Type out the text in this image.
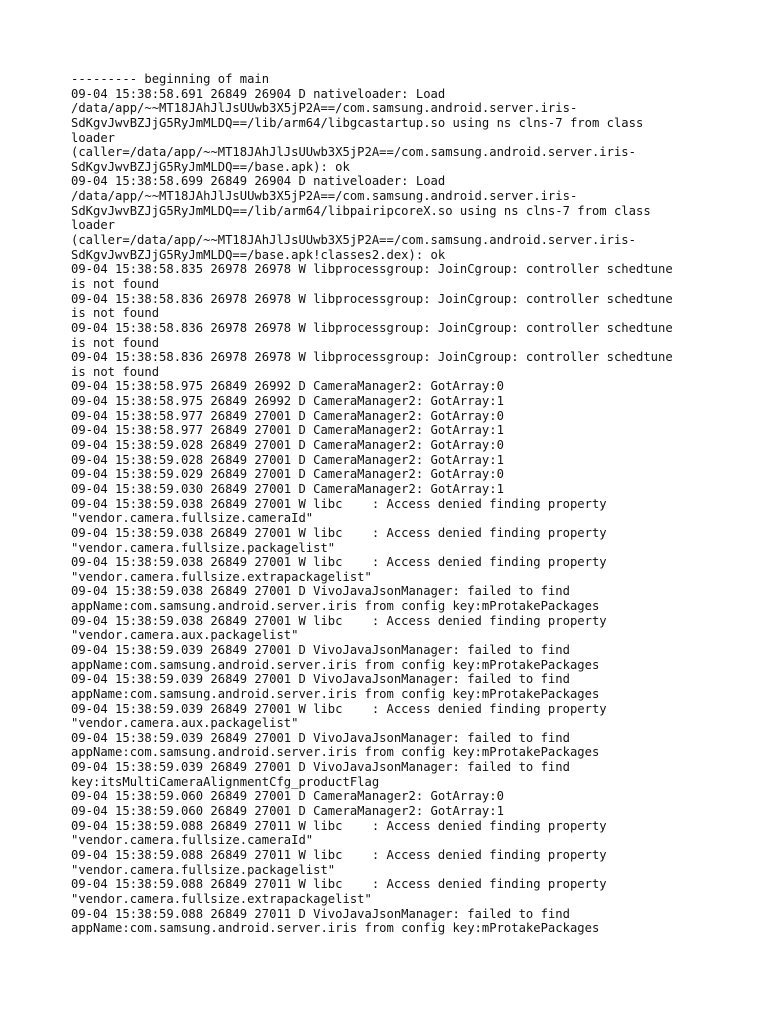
--------- beginning of main
09-04 15:38:58.691 26849 26904 D nativeloader: Load
/data/app/~~MT18JAhJlJsUUwb3X5jP2A==/com.samsung.android.server.iris-
SdKgvJwvBZJjG5RyJmMLDQ==/lib/arm64/libgcastartup.so using ns clns-7 from class
loader
(caller=/data/app/~~MT18JAhJlJsUUwb3X5jP2A==/com.samsung.android.server.iris-
SdKgvJwvBZJjG5RyJmMLDQ==/base.apk): ok
09-04 15:38:58.699 26849 26904 D nativeloader: Load
/data/app/~~MT18JAhJlJsUUwb3X5jP2A==/com.samsung.android.server.iris-
SdKgvJwvBZJjG5RyJmMLDQ==/lib/arm64/libpairipcoreX.so using ns clns-7 from class
loader
(caller=/data/app/~~MT18JAhJlJsUUwb3X5jP2A==/com.samsung.android.server.iris-
SdKgvJwvBZJjG5RyJmMLDQ==/base.apk!classes2.dex): ok
09-04 15:38:58.835 26978 26978 W libprocessgroup: JoinCgroup: controller schedtune
is not found
09-04 15:38:58.836 26978 26978 W libprocessgroup: JoinCgroup: controller schedtune
is not found
09-04 15:38:58.836 26978 26978 W libprocessgroup: JoinCgroup: controller schedtune
is not found
09-04 15:38:58.836 26978 26978 W libprocessgroup: JoinCgroup: controller schedtune
is not found
09-04 15:38:58.975 26849 26992 D CameraManager2: GotArray:0
09-04 15:38:58.975 26849 26992 D CameraManager2: GotArray:1
09-04 15:38:58.977 26849 27001 D CameraManager2: GotArray:0
09-04 15:38:58.977 26849 27001 D CameraManager2: GotArray:1
09-04 15:38:59.028 26849 27001 D CameraManager2: GotArray:0
09-04 15:38:59.028 26849 27001 D CameraManager2: GotArray:1
09-04 15:38:59.029 26849 27001 D CameraManager2: GotArray:0
09-04 15:38:59.030 26849 27001 D CameraManager2: GotArray:1
09-04 15:38:59.038 26849 27001 W libc    : Access denied finding property
"vendor.camera.fullsize.cameraId"
09-04 15:38:59.038 26849 27001 W libc    : Access denied finding property
"vendor.camera.fullsize.packagelist"
09-04 15:38:59.038 26849 27001 W libc    : Access denied finding property
"vendor.camera.fullsize.extrapackagelist"
09-04 15:38:59.038 26849 27001 D VivoJavaJsonManager: failed to find
appName:com.samsung.android.server.iris from config key:mProtakePackages
09-04 15:38:59.038 26849 27001 W libc    : Access denied finding property
"vendor.camera.aux.packagelist"
09-04 15:38:59.039 26849 27001 D VivoJavaJsonManager: failed to find
appName:com.samsung.android.server.iris from config key:mProtakePackages
09-04 15:38:59.039 26849 27001 D VivoJavaJsonManager: failed to find
appName:com.samsung.android.server.iris from config key:mProtakePackages
09-04 15:38:59.039 26849 27001 W libc    : Access denied finding property
"vendor.camera.aux.packagelist"
09-04 15:38:59.039 26849 27001 D VivoJavaJsonManager: failed to find
appName:com.samsung.android.server.iris from config key:mProtakePackages
09-04 15:38:59.039 26849 27001 D VivoJavaJsonManager: failed to find
key:itsMultiCameraAlignmentCfg_productFlag
09-04 15:38:59.060 26849 27001 D CameraManager2: GotArray:0
09-04 15:38:59.060 26849 27001 D CameraManager2: GotArray:1
09-04 15:38:59.088 26849 27011 W libc    : Access denied finding property
"vendor.camera.fullsize.cameraId"
09-04 15:38:59.088 26849 27011 W libc    : Access denied finding property
"vendor.camera.fullsize.packagelist"
09-04 15:38:59.088 26849 27011 W libc    : Access denied finding property
"vendor.camera.fullsize.extrapackagelist"
09-04 15:38:59.088 26849 27011 D VivoJavaJsonManager: failed to find
appName:com.samsung.android.server.iris from config key:mProtakePackages
